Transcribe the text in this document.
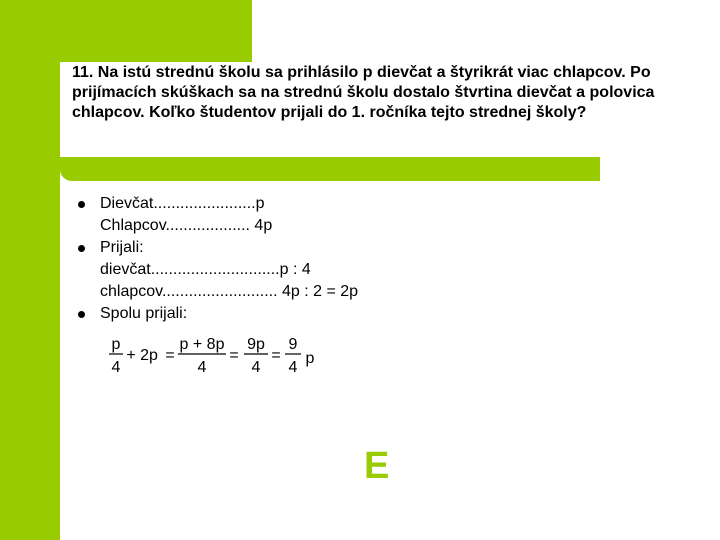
11. Na istú strednú školu sa prihlásilo p dievčat a štyrikrát viac chlapcov. Po prijímacích skúškach sa na strednú školu dostalo štvrtina dievčat a polovica chlapcov. Koľko študentov prijali do 1. ročníka tejto strednej školy?
Dievčat.......................p
Chlapcov................... 4p
Prijali:
dievčat.............................p : 4
chlapcov.......................... 4p : 2 = 2p
Spolu prijali:
p
4
+ 2p =
p + 8p
4
=
9p
4
=
9
4
p
E
